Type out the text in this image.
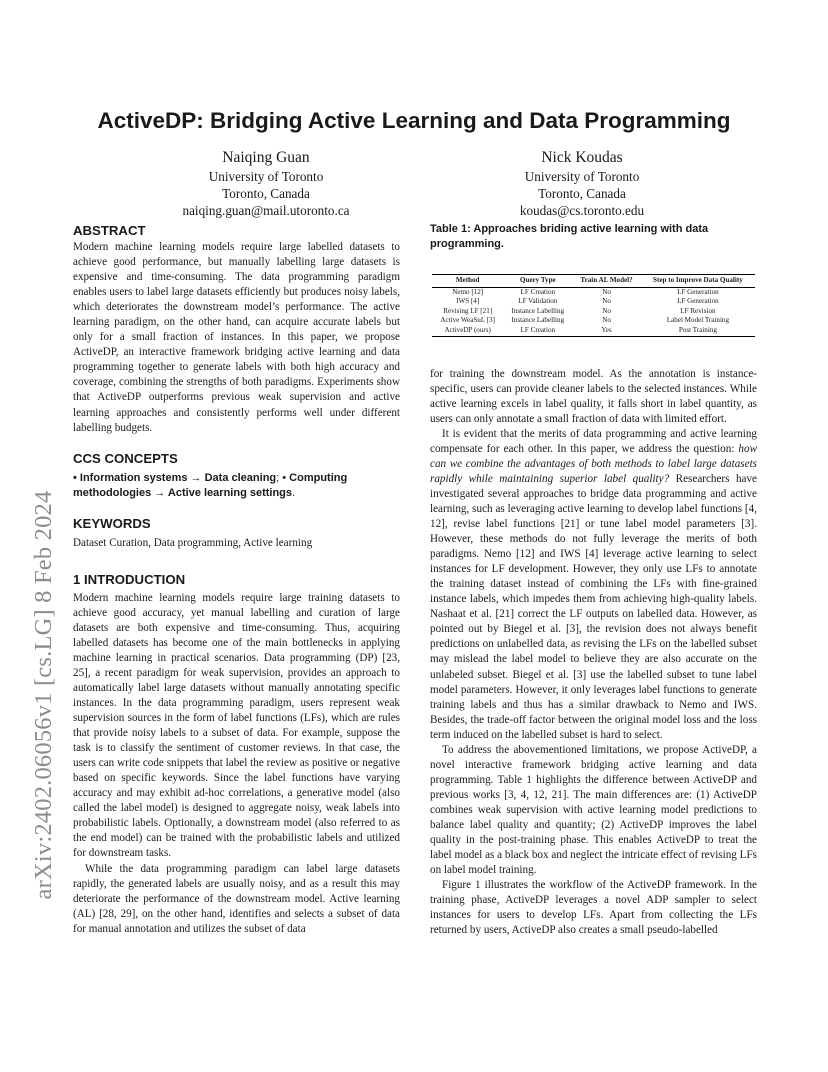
arXiv:2402.06056v1 [cs.LG] 8 Feb 2024
ActiveDP: Bridging Active Learning and Data Programming
Naiqing Guan
University of Toronto
Toronto, Canada
naiqing.guan@mail.utoronto.ca
Nick Koudas
University of Toronto
Toronto, Canada
koudas@cs.toronto.edu
ABSTRACT

Modern machine learning models require large labelled datasets to achieve good performance, but manually labelling large datasets is expensive and time-consuming. The data programming paradigm enables users to label large datasets efficiently but produces noisy labels, which deteriorates the downstream model’s performance. The active learning paradigm, on the other hand, can acquire accurate labels but only for a small fraction of instances. In this paper, we propose ActiveDP, an interactive framework bridging active learning and data programming together to generate labels with both high accuracy and coverage, combining the strengths of both paradigms. Experiments show that ActiveDP outperforms previous weak supervision and active learning approaches and consistently performs well under different labelling budgets.

CCS CONCEPTS

• Information systems → Data cleaning; • Computing methodologies → Active learning settings.

KEYWORDS

Dataset Curation, Data programming, Active learning

1 INTRODUCTION

Modern machine learning models require large training datasets to achieve good accuracy, yet manual labelling and curation of large datasets are both expensive and time-consuming. Thus, acquiring labelled datasets has become one of the main bottlenecks in applying machine learning in practical scenarios. Data programming (DP) [23, 25], a recent paradigm for weak supervision, provides an approach to automatically label large datasets without manually annotating specific instances. In the data programming paradigm, users represent weak supervision sources in the form of label functions (LFs), which are rules that provide noisy labels to a subset of data. For example, suppose the task is to classify the sentiment of customer reviews. In that case, the users can write code snippets that label the review as positive or negative based on specific keywords. Since the label functions have varying accuracy and may exhibit ad-hoc correlations, a generative model (also called the label model) is designed to aggregate noisy, weak labels into probabilistic labels. Optionally, a downstream model (also referred to as the end model) can be trained with the probabilistic labels and utilized for downstream tasks.

While the data programming paradigm can label large datasets rapidly, the generated labels are usually noisy, and as a result this may deteriorate the performance of the downstream model. Active learning (AL) [28, 29], on the other hand, identifies and selects a subset of data for manual annotation and utilizes the subset of data

Table 1: Approaches briding active learning with data programming.

Method	Query Type	Train AL Model?	Step to Improve Data Quality
Nemo [12]	LF Creation	No	LF Generation
IWS [4]	LF Validation	No	LF Generation
Revising LF [21]	Instance Labelling	No	LF Revision
Active WeaSuL [3]	Instance Labelling	No	Label Model Training
ActiveDP (ours)	LF Creation	Yes	Post Training

for training the downstream model. As the annotation is instance-specific, users can provide cleaner labels to the selected instances. While active learning excels in label quality, it falls short in label quantity, as users can only annotate a small fraction of data with limited effort.

It is evident that the merits of data programming and active learning compensate for each other. In this paper, we address the question: how can we combine the advantages of both methods to label large datasets rapidly while maintaining superior label quality? Researchers have investigated several approaches to bridge data programming and active learning, such as leveraging active learning to develop label functions [4, 12], revise label functions [21] or tune label model parameters [3]. However, these methods do not fully leverage the merits of both paradigms. Nemo [12] and IWS [4] leverage active learning to select instances for LF development. However, they only use LFs to annotate the training dataset instead of combining the LFs with fine-grained instance labels, which impedes them from achieving high-quality labels. Nashaat et al. [21] correct the LF outputs on labelled data. However, as pointed out by Biegel et al. [3], the revision does not always benefit predictions on unlabelled data, as revising the LFs on the labelled subset may mislead the label model to believe they are also accurate on the unlabeled subset. Biegel et al. [3] use the labelled subset to tune label model parameters. However, it only leverages label functions to generate training labels and thus has a similar drawback to Nemo and IWS. Besides, the trade-off factor between the original model loss and the loss term induced on the labelled subset is hard to select.

To address the abovementioned limitations, we propose ActiveDP, a novel interactive framework bridging active learning and data programming. Table 1 highlights the difference between ActiveDP and previous works [3, 4, 12, 21]. The main differences are: (1) ActiveDP combines weak supervision with active learning model predictions to balance label quality and quantity; (2) ActiveDP improves the label quality in the post-training phase. This enables ActiveDP to treat the label model as a black box and neglect the intricate effect of revising LFs on label model training.

Figure 1 illustrates the workflow of the ActiveDP framework. In the training phase, ActiveDP leverages a novel ADP sampler to select instances for users to develop LFs. Apart from collecting the LFs returned by users, ActiveDP also creates a small pseudo-labelled
